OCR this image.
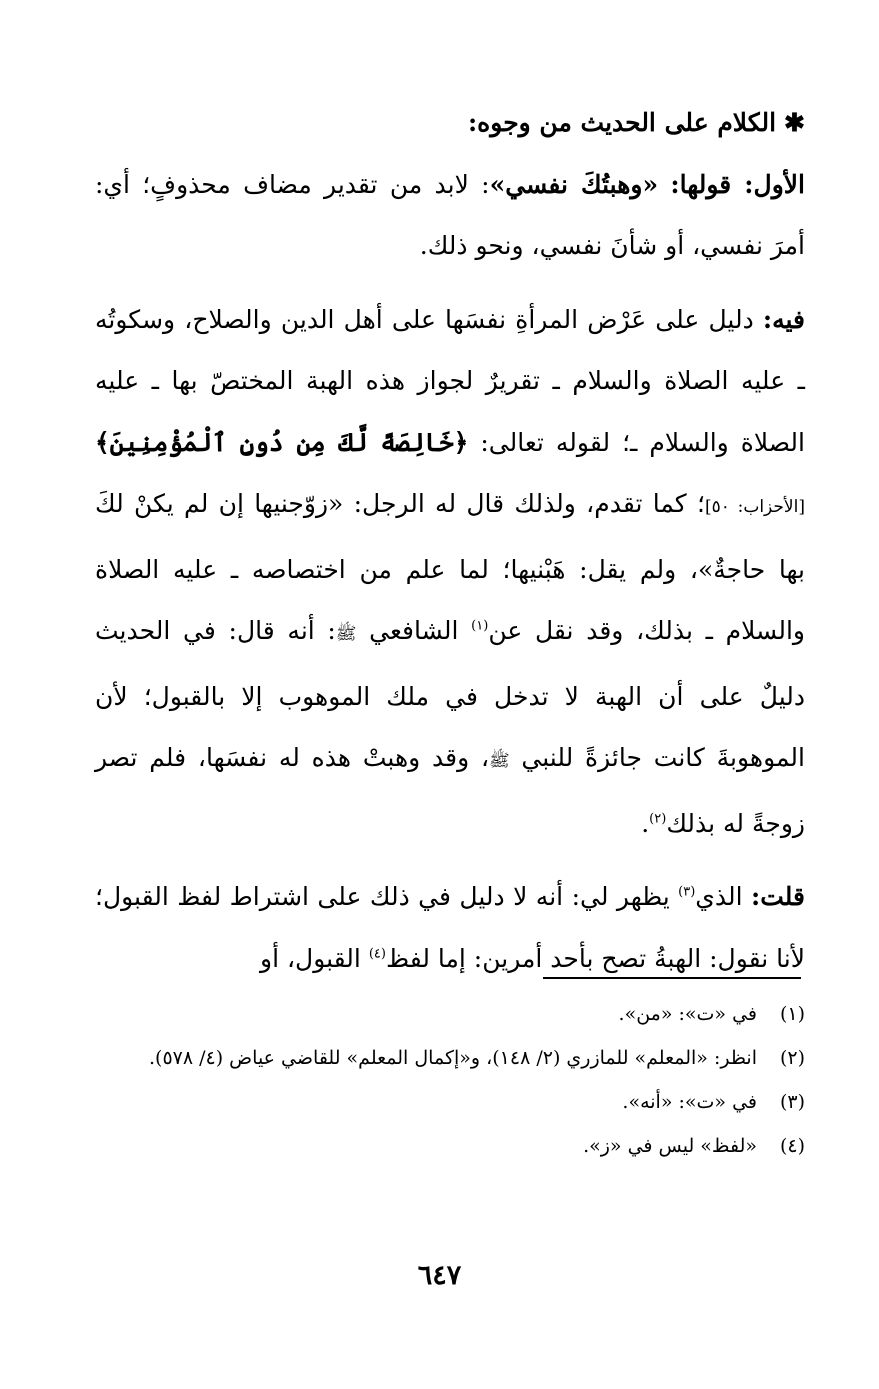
✱ الكلام على الحديث من وجوه:

الأول: قولها: «وهبتُكَ نفسي»: لابد من تقدير مضاف محذوفٍ؛ أي: أمرَ نفسي، أو شأنَ نفسي، ونحو ذلك.

فيه: دليل على عَرْض المرأةِ نفسَها على أهل الدين والصلاح، وسكوتُه ـ عليه الصلاة والسلام ـ تقريرٌ لجواز هذه الهبة المختصّ بها ـ عليه الصلاة والسلام ـ؛ لقوله تعالى: ﴿خَالِصَةً لَّكَ مِن دُونِ ٱلْمُؤْمِنِينَ﴾[الأحزاب: ٥٠]؛ كما تقدم، ولذلك قال له الرجل: «زوّجنيها إن لم يكنْ لكَ بها حاجةٌ»، ولم يقل: هَبْنيها؛ لما علم من اختصاصه ـ عليه الصلاة والسلام ـ بذلك، وقد نقل عن$^{(١)}$ الشافعي ﷺ: أنه قال: في الحديث دليلٌ على أن الهبة لا تدخل في ملك الموهوب إلا بالقبول؛ لأن الموهوبةَ كانت جائزةً للنبي ﷺ، وقد وهبتْ هذه له نفسَها، فلم تصر زوجةً له بذلك$^{(٢)}$.

قلت: الذي$^{(٣)}$ يظهر لي: أنه لا دليل في ذلك على اشتراط لفظ القبول؛ لأنا نقول: الهبةُ تصح بأحد أمرين: إما لفظ$^{(٤)}$ القبول، أو

(١)
في «ت»: «من».
(٢)
انظر: «المعلم» للمازري (٢/ ١٤٨)، و«إكمال المعلم» للقاضي عياض (٤/ ٥٧٨).
(٣)
في «ت»: «أنه».
(٤)
«لفظ» ليس في «ز».
٦٤٧
